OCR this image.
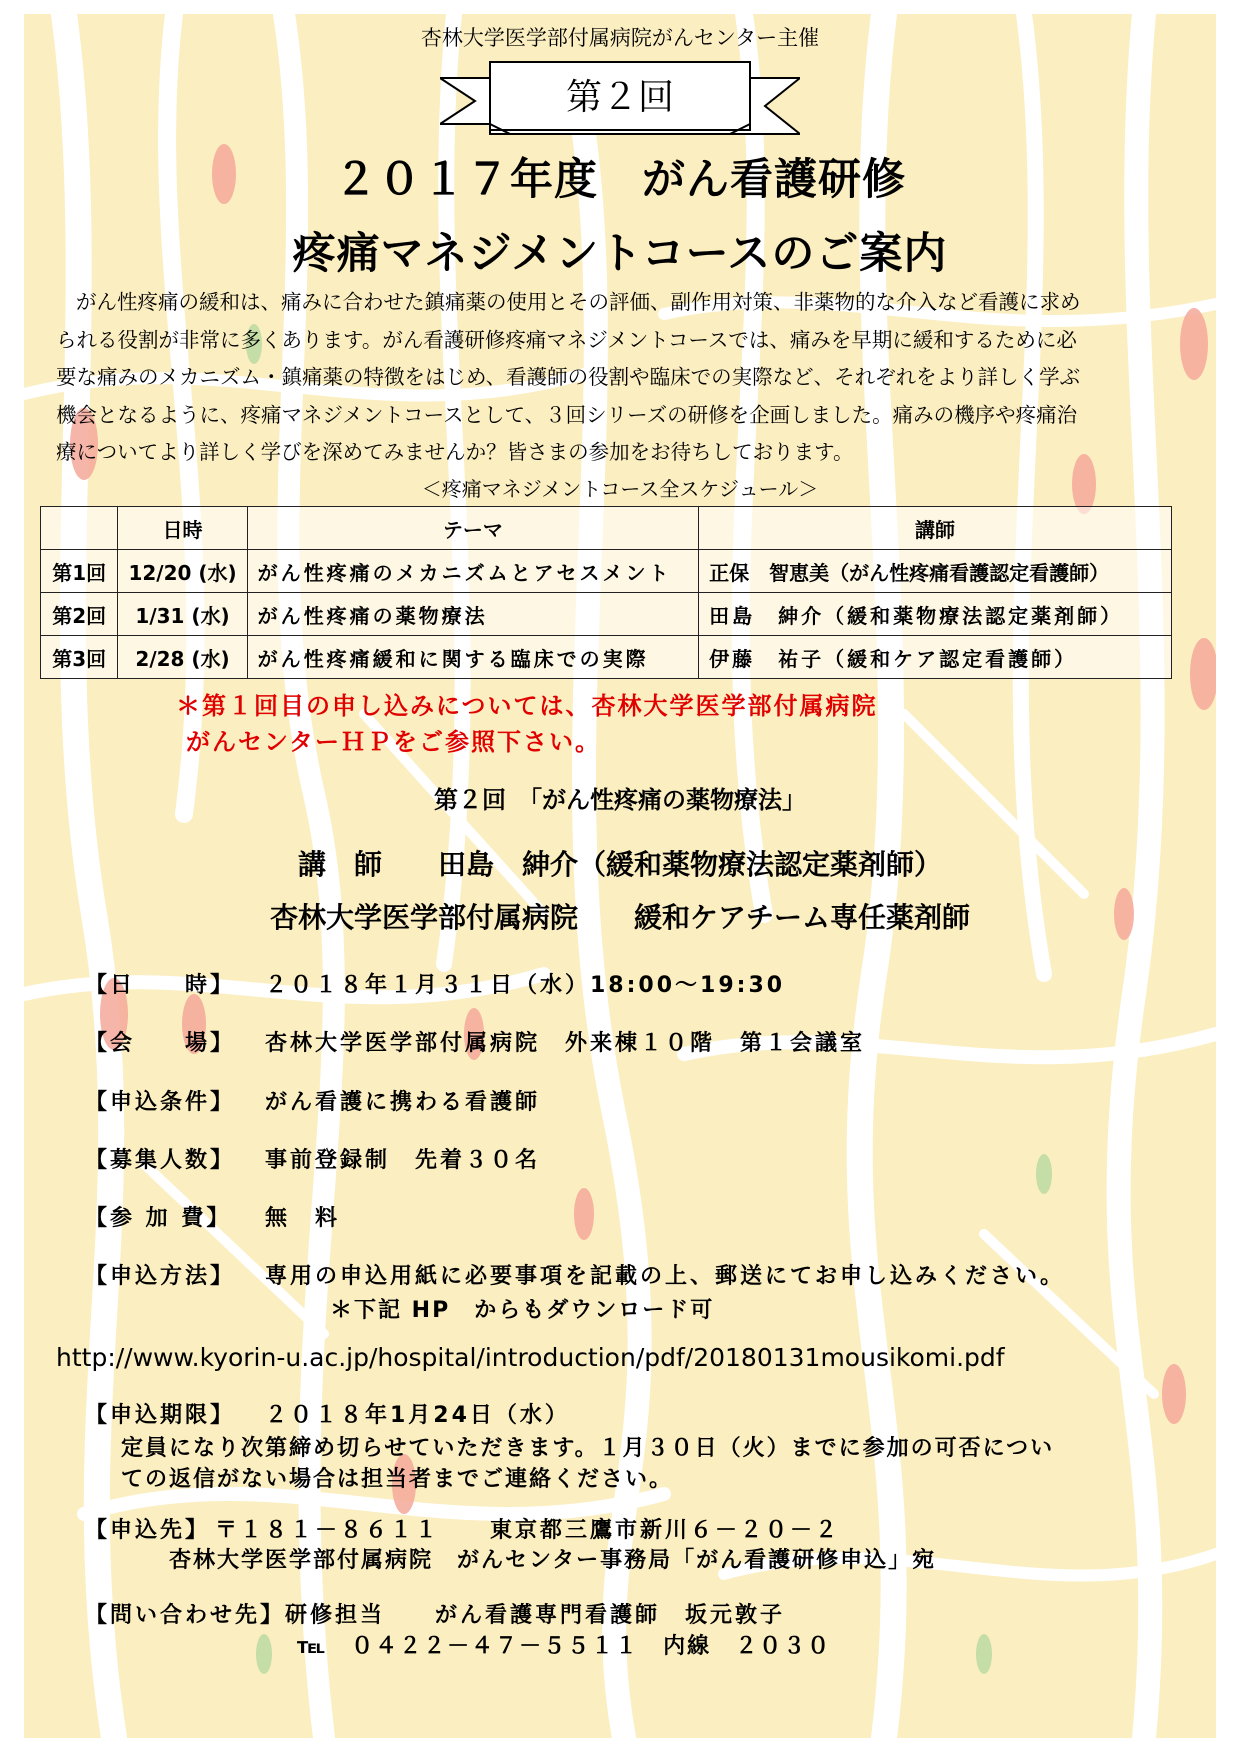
杏林大学医学部付属病院がんセンター主催
第２回
２０１７年度　がん看護研修
疼痛マネジメントコースのご案内

がん性疼痛の緩和は、痛みに合わせた鎮痛薬の使用とその評価、副作用対策、非薬物的な介入など看護に求め

られる役割が非常に多くあります。がん看護研修疼痛マネジメントコースでは、痛みを早期に緩和するために必

要な痛みのメカニズム・鎮痛薬の特徴をはじめ、看護師の役割や臨床での実際など、それぞれをより詳しく学ぶ

機会となるように、疼痛マネジメントコースとして、３回シリーズの研修を企画しました。痛みの機序や疼痛治

療についてより詳しく学びを深めてみませんか？皆さまの参加をお待ちしております。

＜疼痛マネジメントコース全スケジュール＞
	日時	テーマ	講師
第1回	12/20 (水)	がん性疼痛のメカニズムとアセスメント	正保　智恵美（がん性疼痛看護認定看護師）
第2回	1/31 (水)	がん性疼痛の薬物療法	田島　紳介（緩和薬物療法認定薬剤師）
第3回	2/28 (水)	がん性疼痛緩和に関する臨床での実際	伊藤　祐子（緩和ケア認定看護師）
＊第１回目の申し込みについては、杏林大学医学部付属病院
がんセンターＨＰをご参照下さい。
第２回　「がん性疼痛の薬物療法」
講　師　　田島　紳介（緩和薬物療法認定薬剤師）
杏林大学医学部付属病院　　緩和ケアチーム専任薬剤師
【日　　時】 ２０１８年１月３１日（水）18:00～19:30
【会　　場】 杏林大学医学部付属病院　外来棟１０階　第１会議室
【申込条件】 がん看護に携わる看護師
【募集人数】 事前登録制　先着３０名
【参 加 費】 無　料
【申込方法】 専用の申込用紙に必要事項を記載の上、郵送にてお申し込みください。
＊下記 HP　からもダウンロード可
http://www.kyorin-u.ac.jp/hospital/introduction/pdf/20180131mousikomi.pdf
【申込期限】 ２０１８年1月24日（水）
定員になり次第締め切らせていただきます。１月３０日（火）までに参加の可否につい
ての返信がない場合は担当者までご連絡ください。
【申込先】 〒１８１－８６１１　　東京都三鷹市新川６－２０－２
杏林大学医学部付属病院　がんセンター事務局「がん看護研修申込」宛
【問い合わせ先】研修担当　　がん看護専門看護師　坂元敦子
℡　０４２２－４７－５５１１　内線　２０３０
